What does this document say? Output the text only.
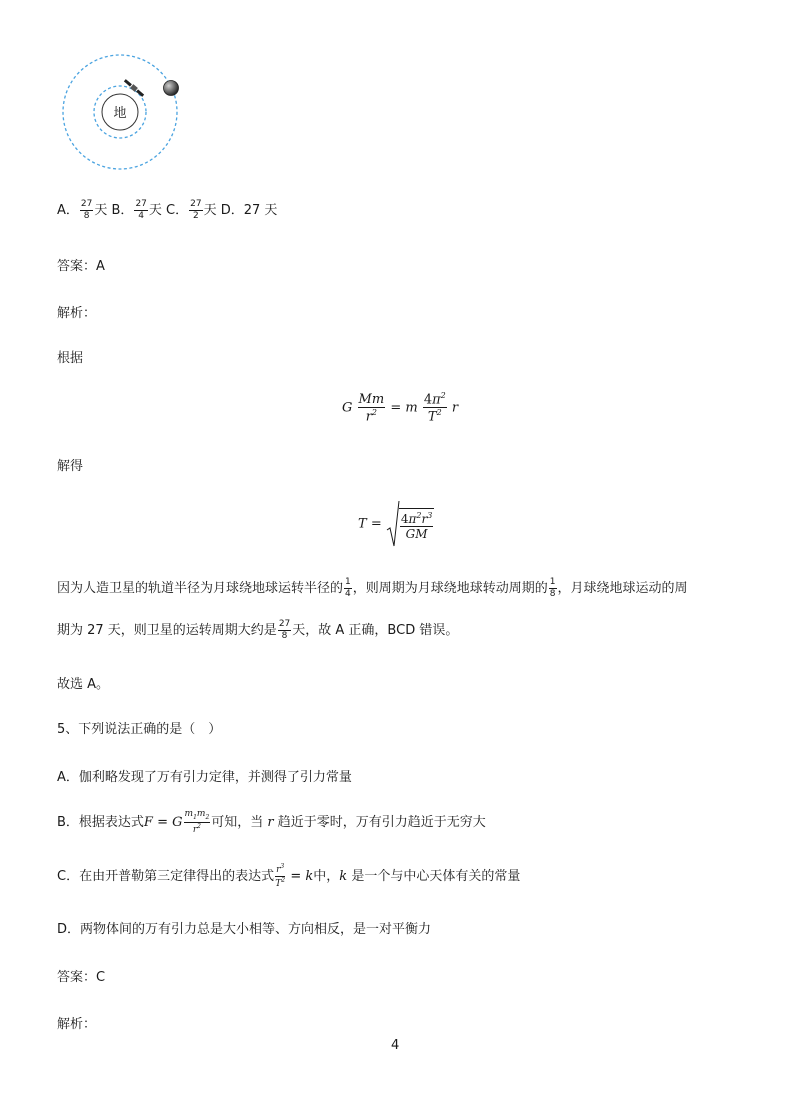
地
A． $\frac{27}{8}$ 天 B． $\frac{27}{4}$ 天 C． $\frac{27}{2}$ 天 D．27 天
答案：A
解析：
根据
G $\frac{Mm}{r^2} = m \frac{4\pi^2}{T^2}$ r
解得
$T = \frac{4\pi^2r^3}{GM}$
因为人造卫星的轨道半径为月球绕地球运转半径的 $\frac{1}{4}$ ，则周期为月球绕地球转动周期的 $\frac{1}{8}$ ，月球绕地球运动的周
期为 27 天，则卫星的运转周期大约是 $\frac{27}{8}$ 天，故 A 正确，BCD 错误。
故选 A。
5、下列说法正确的是（　）
A．伽利略发现了万有引力定律，并测得了引力常量
B．根据表达式F = G $\frac{m_1m_2}{r^2}$ 可知，当 r 趋近于零时，万有引力趋近于无穷大
C．在由开普勒第三定律得出的表达式 $\frac{r^3}{T^2} = k$中，k 是一个与中心天体有关的常量
D．两物体间的万有引力总是大小相等、方向相反，是一对平衡力
答案：C
解析：
4
